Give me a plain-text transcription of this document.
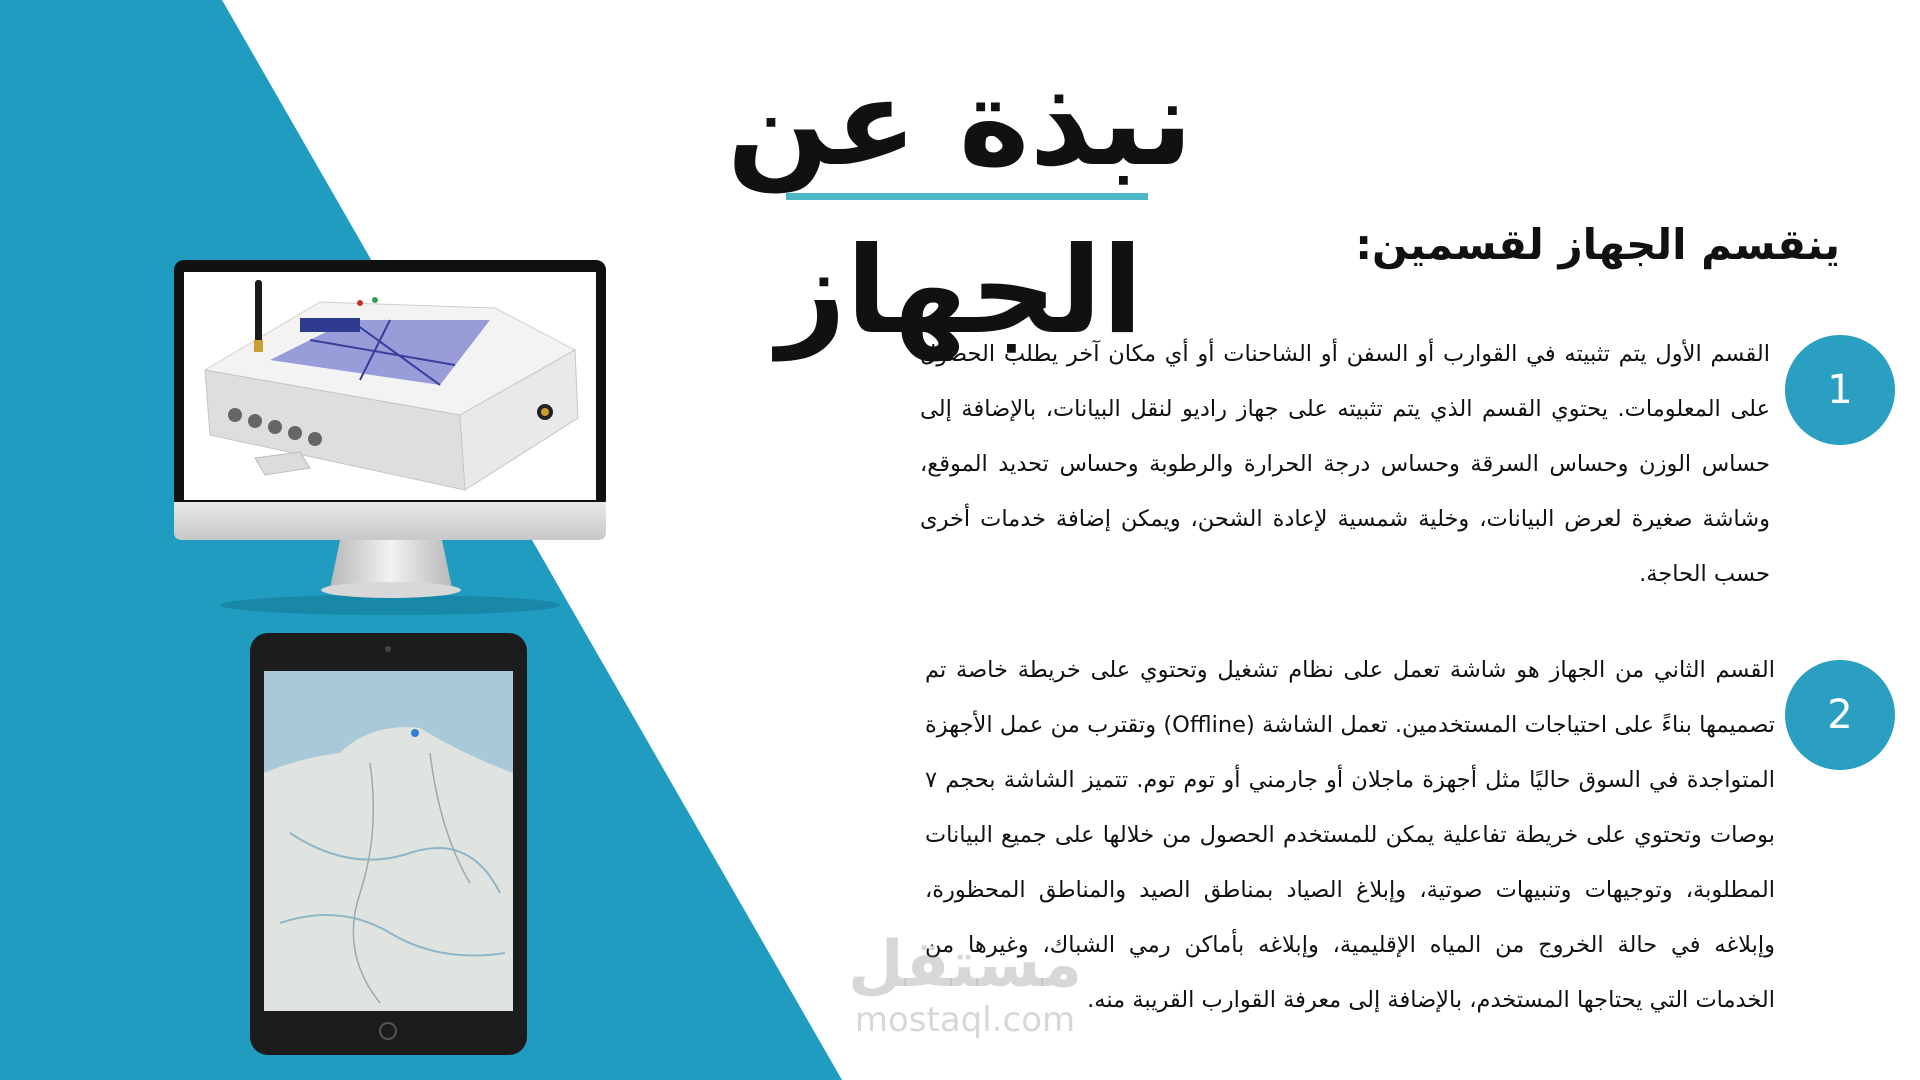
نبذة عن الجهاز	ينقسم الجهاز لقسمين:
1

القسم الأول يتم تثبيته في القوارب أو السفن أو الشاحنات أو أي مكان آخر يطلب الحصول على المعلومات. يحتوي القسم الذي يتم تثبيته على جهاز راديو لنقل البيانات، بالإضافة إلى حساس الوزن وحساس السرقة وحساس درجة الحرارة والرطوبة وحساس تحديد الموقع، وشاشة صغيرة لعرض البيانات، وخلية شمسية لإعادة الشحن، ويمكن إضافة خدمات أخرى حسب الحاجة.

2

القسم الثاني من الجهاز هو شاشة تعمل على نظام تشغيل وتحتوي على خريطة خاصة تم تصميمها بناءً على احتياجات المستخدمين. تعمل الشاشة (Offline) وتقترب من عمل الأجهزة المتواجدة في السوق حاليًا مثل أجهزة ماجلان أو جارمني أو توم توم. تتميز الشاشة بحجم ٧ بوصات وتحتوي على خريطة تفاعلية يمكن للمستخدم الحصول من خلالها على جميع البيانات المطلوبة، وتوجيهات وتنبيهات صوتية، وإبلاغ الصياد بمناطق الصيد والمناطق المحظورة، وإبلاغه في حالة الخروج من المياه الإقليمية، وإبلاغه بأماكن رمي الشباك، وغيرها من الخدمات التي يحتاجها المستخدم، بالإضافة إلى معرفة القوارب القريبة منه.

مستقل
mostaql.com
